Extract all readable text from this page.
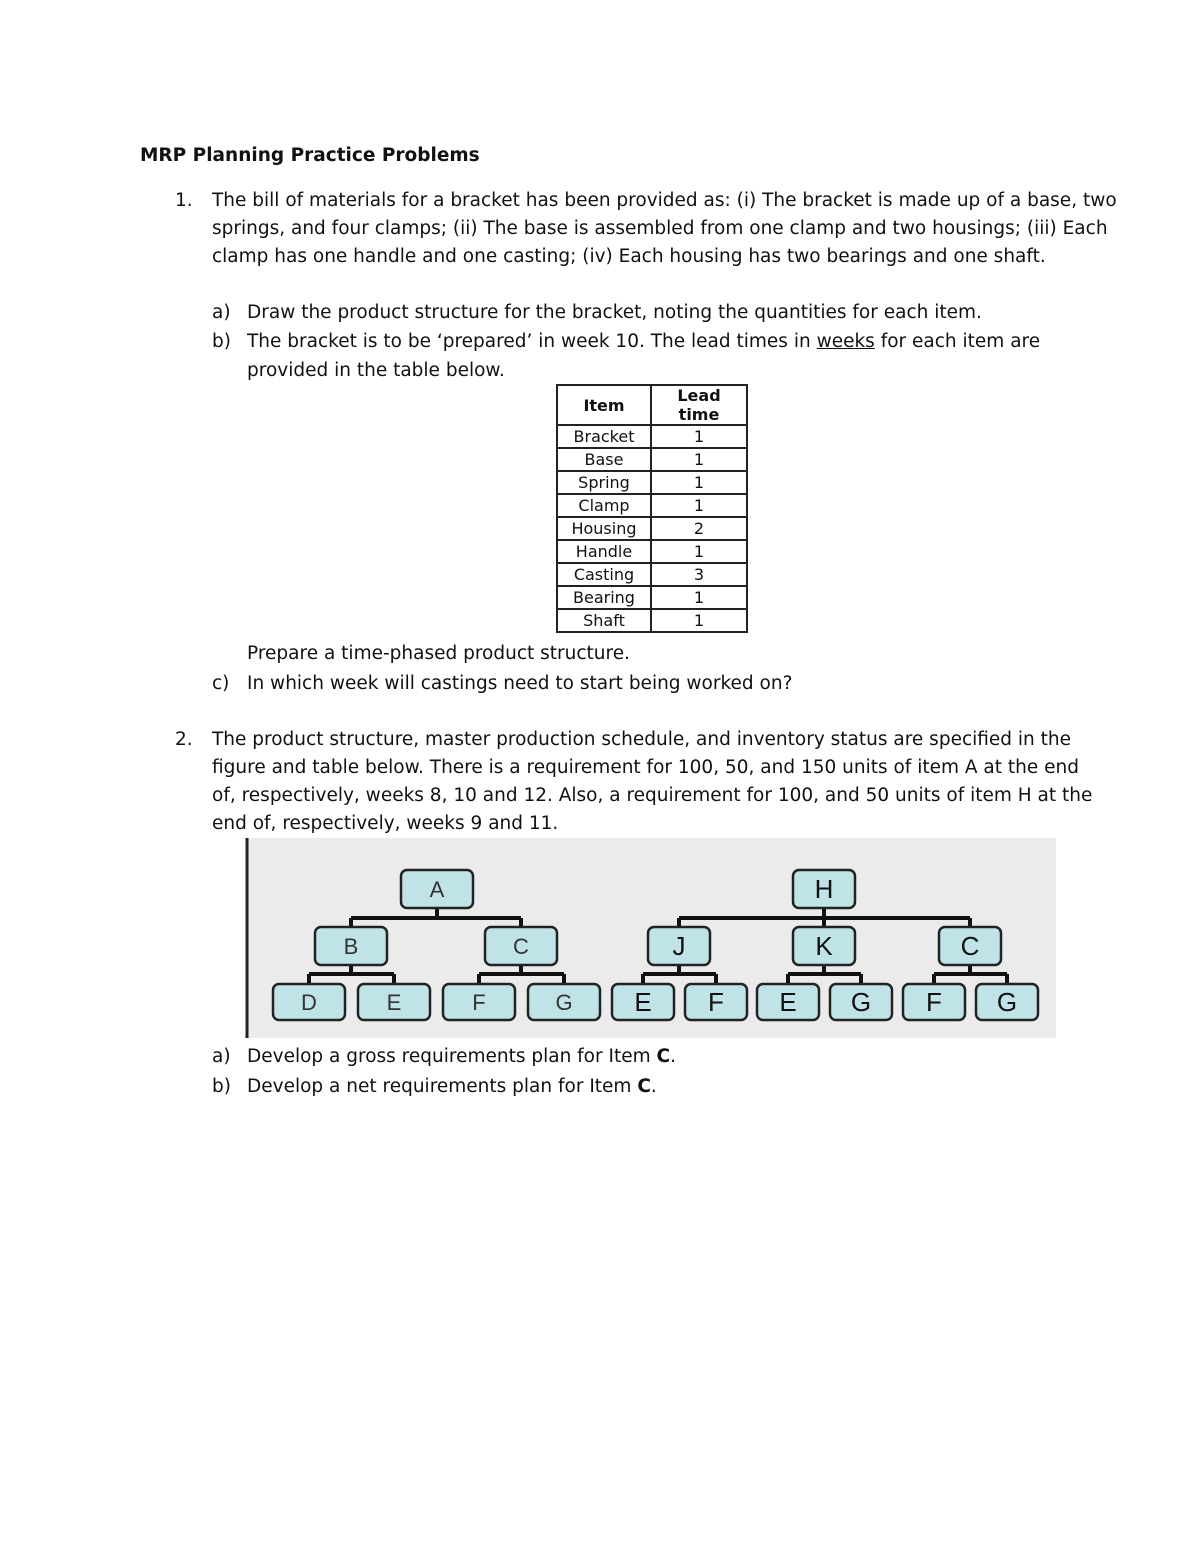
MRP Planning Practice Problems

1. The bill of materials for a bracket has been provided as: (i) The bracket is made up of a base, two

springs, and four clamps; (ii) The base is assembled from one clamp and two housings; (iii) Each

clamp has one handle and one casting; (iv) Each housing has two bearings and one shaft.

a) Draw the product structure for the bracket, noting the quantities for each item.

b) The bracket is to be ‘prepared’ in week 10. The lead times in weeks for each item are

provided in the table below.

Item	Lead time
Bracket	1
Base	1
Spring	1
Clamp	1
Housing	2
Handle	1
Casting	3
Bearing	1
Shaft	1

Prepare a time-phased product structure.

c) In which week will castings need to start being worked on?

2. The product structure, master production schedule, and inventory status are specified in the

figure and table below. There is a requirement for 100, 50, and 150 units of item A at the end

of, respectively, weeks 8, 10 and 12. Also, a requirement for 100, and 50 units of item H at the

end of, respectively, weeks 9 and 11.

A
B	C
D	E	F	G
H
J	K	C
E F E G F G
a) Develop a gross requirements plan for Item C.

b) Develop a net requirements plan for Item C.
